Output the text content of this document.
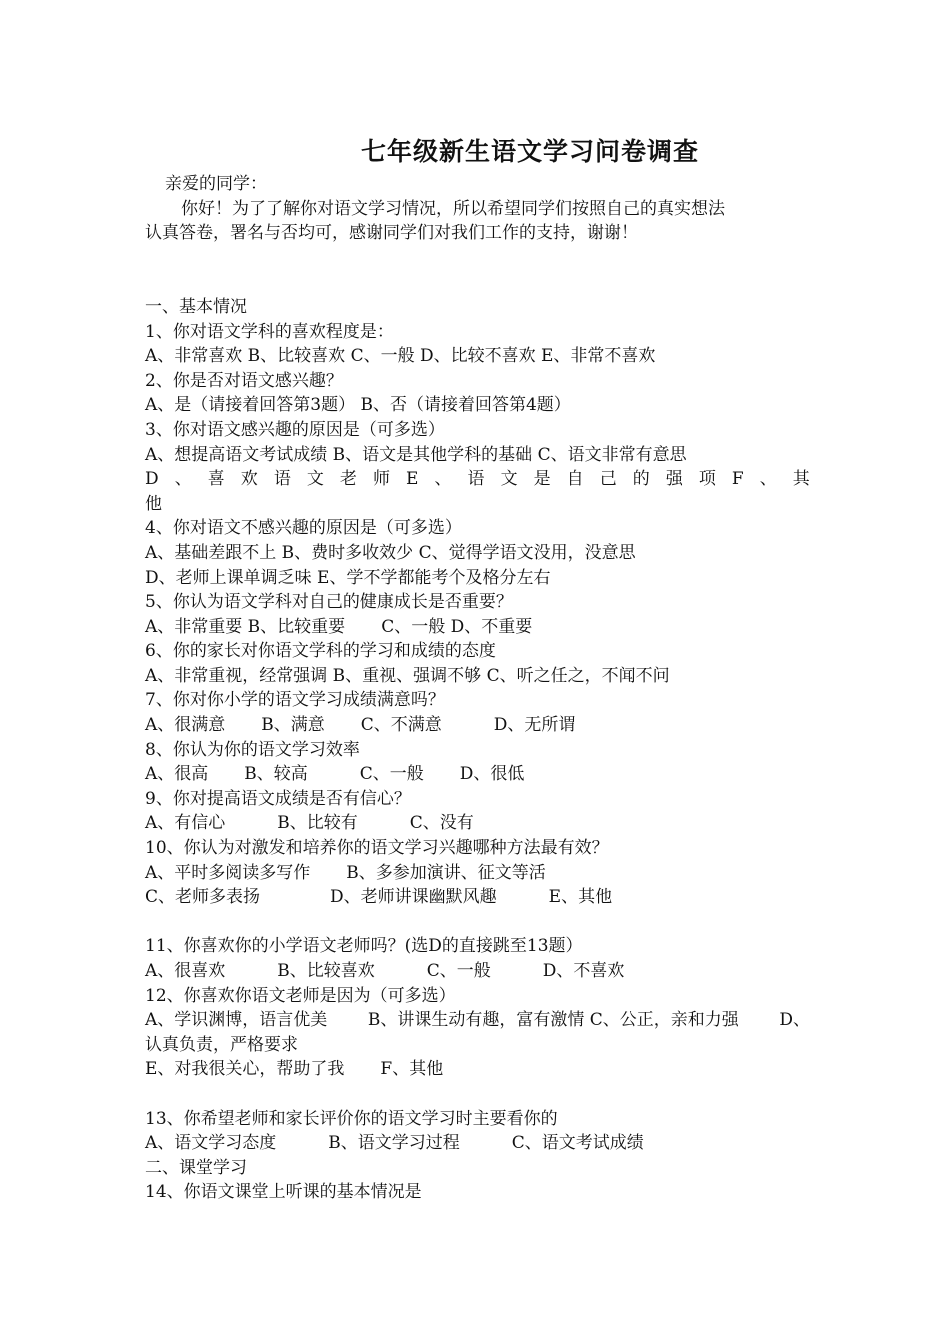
七年级新生语文学习问卷调查
亲爱的同学：
你好！为了了解你对语文学习情况，所以希望同学们按照自己的真实想法
认真答卷，署名与否均可，感谢同学们对我们工作的支持，谢谢！
一、基本情况
1、你对语文学科的喜欢程度是：
A、非常喜欢 B、比较喜欢 C、一般 D、比较不喜欢 E、非常不喜欢
2、你是否对语文感兴趣？
A、是（请接着回答第3题） B、否（请接着回答第4题）
3、你对语文感兴趣的原因是（可多选）
A、想提高语文考试成绩 B、语文是其他学科的基础 C、语文非常有意思
D 、 喜 欢 语 文 老 师 E 、 语 文 是 自 己 的 强 项 F 、 其
他
4、你对语文不感兴趣的原因是（可多选）
A、基础差跟不上 B、费时多收效少 C、觉得学语文没用，没意思
D、老师上课单调乏味 E、学不学都能考个及格分左右
5、你认为语文学科对自己的健康成长是否重要？
A、非常重要 B、比较重要 C、一般 D、不重要
6、你的家长对你语文学科的学习和成绩的态度
A、非常重视，经常强调 B、重视、强调不够 C、听之任之，不闻不问
7、你对你小学的语文学习成绩满意吗？
A、很满意 B、满意 C、不满意	D、无所谓
8、你认为你的语文学习效率
A、很高 B、较高	C、一般 D、很低
9、你对提高语文成绩是否有信心？
A、有信心	B、比较有	C、没有
10、你认为对激发和培养你的语文学习兴趣哪种方法最有效？
A、平时多阅读多写作 B、多参加演讲、征文等活
C、老师多表扬	D、老师讲课幽默风趣	E、其他
11、你喜欢你的小学语文老师吗？(选D的直接跳至13题）
A、很喜欢	B、比较喜欢	C、一般	D、不喜欢
12、你喜欢你语文老师是因为（可多选）
A、学识渊博，语言优美 B、讲课生动有趣，富有激情 C、公正，亲和力强 D、
认真负责，严格要求
E、对我很关心，帮助了我 F、其他
13、你希望老师和家长评价你的语文学习时主要看你的
A、语文学习态度	B、语文学习过程	C、语文考试成绩
二、课堂学习
14、你语文课堂上听课的基本情况是
